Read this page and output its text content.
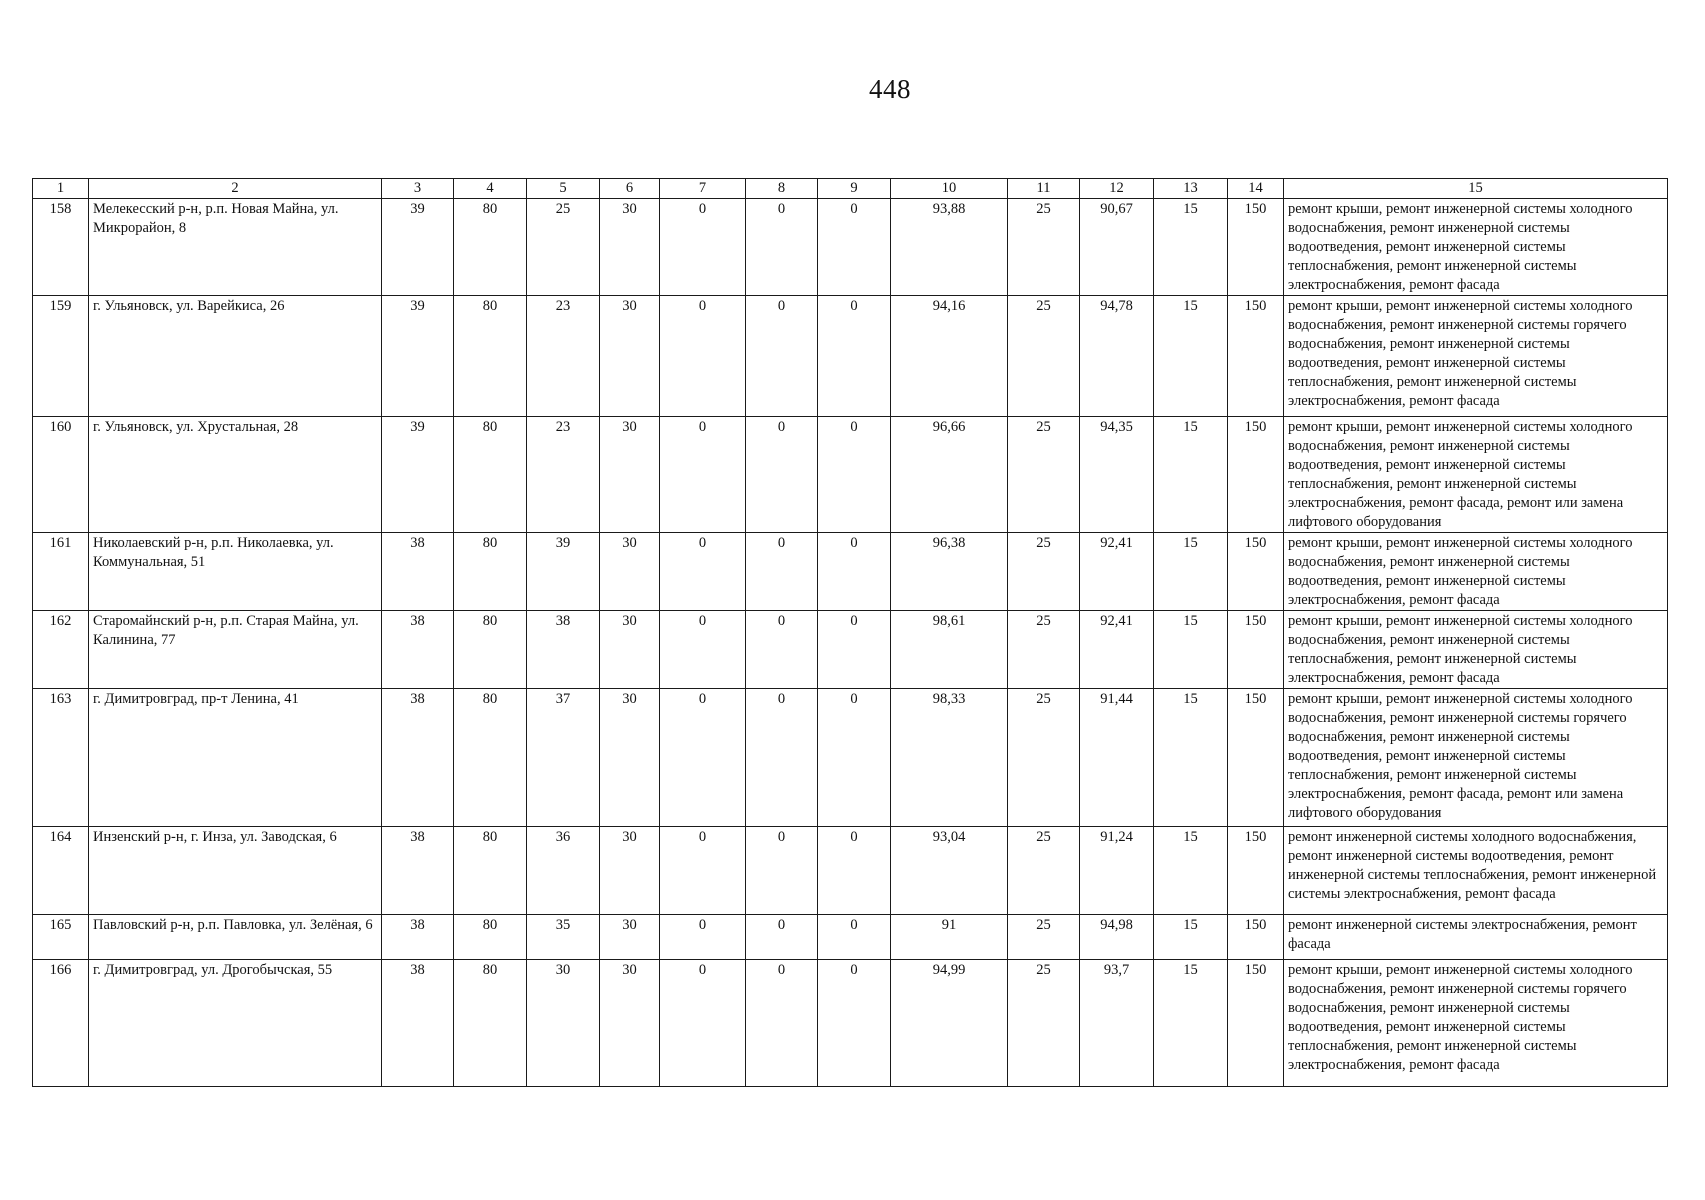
448
1	2	3	4	5	6	7	8	9	10	11	12	13	14	15
158	Мелекесский р-н, р.п. Новая Майна, ул. Микрорайон, 8	39	80	25	30	0	0	0	93,88	25	90,67	15	150	ремонт крыши, ремонт инженерной системы холодного водоснабжения, ремонт инженерной системы водоотведения, ремонт инженерной системы теплоснабжения, ремонт инженерной системы электроснабжения, ремонт фасада
159	г. Ульяновск, ул. Варейкиса, 26	39	80	23	30	0	0	0	94,16	25	94,78	15	150	ремонт крыши, ремонт инженерной системы холодного водоснабжения, ремонт инженерной системы горячего водоснабжения, ремонт инженерной системы водоотведения, ремонт инженерной системы теплоснабжения, ремонт инженерной системы электроснабжения, ремонт фасада
160	г. Ульяновск, ул. Хрустальная, 28	39	80	23	30	0	0	0	96,66	25	94,35	15	150	ремонт крыши, ремонт инженерной системы холодного водоснабжения, ремонт инженерной системы водоотведения, ремонт инженерной системы теплоснабжения, ремонт инженерной системы электроснабжения, ремонт фасада, ремонт или замена лифтового оборудования
161	Николаевский р-н, р.п. Николаевка, ул. Коммунальная, 51	38	80	39	30	0	0	0	96,38	25	92,41	15	150	ремонт крыши, ремонт инженерной системы холодного водоснабжения, ремонт инженерной системы водоотведения, ремонт инженерной системы электроснабжения, ремонт фасада
162	Старомайнский р-н, р.п. Старая Майна, ул. Калинина, 77	38	80	38	30	0	0	0	98,61	25	92,41	15	150	ремонт крыши, ремонт инженерной системы холодного водоснабжения, ремонт инженерной системы теплоснабжения, ремонт инженерной системы электроснабжения, ремонт фасада
163	г. Димитровград, пр-т Ленина, 41	38	80	37	30	0	0	0	98,33	25	91,44	15	150	ремонт крыши, ремонт инженерной системы холодного водоснабжения, ремонт инженерной системы горячего водоснабжения, ремонт инженерной системы водоотведения, ремонт инженерной системы теплоснабжения, ремонт инженерной системы электроснабжения, ремонт фасада, ремонт или замена лифтового оборудования
164	Инзенский р-н, г. Инза, ул. Заводская, 6	38	80	36	30	0	0	0	93,04	25	91,24	15	150	ремонт инженерной системы холодного водоснабжения, ремонт инженерной системы водоотведения, ремонт инженерной системы теплоснабжения, ремонт инженерной системы электроснабжения, ремонт фасада
165	Павловский р-н, р.п. Павловка, ул. Зелёная, 6	38	80	35	30	0	0	0	91	25	94,98	15	150	ремонт инженерной системы электроснабжения, ремонт фасада
166	г. Димитровград, ул. Дрогобычская, 55	38	80	30	30	0	0	0	94,99	25	93,7	15	150	ремонт крыши, ремонт инженерной системы холодного водоснабжения, ремонт инженерной системы горячего водоснабжения, ремонт инженерной системы водоотведения, ремонт инженерной системы теплоснабжения, ремонт инженерной системы электроснабжения, ремонт фасада
